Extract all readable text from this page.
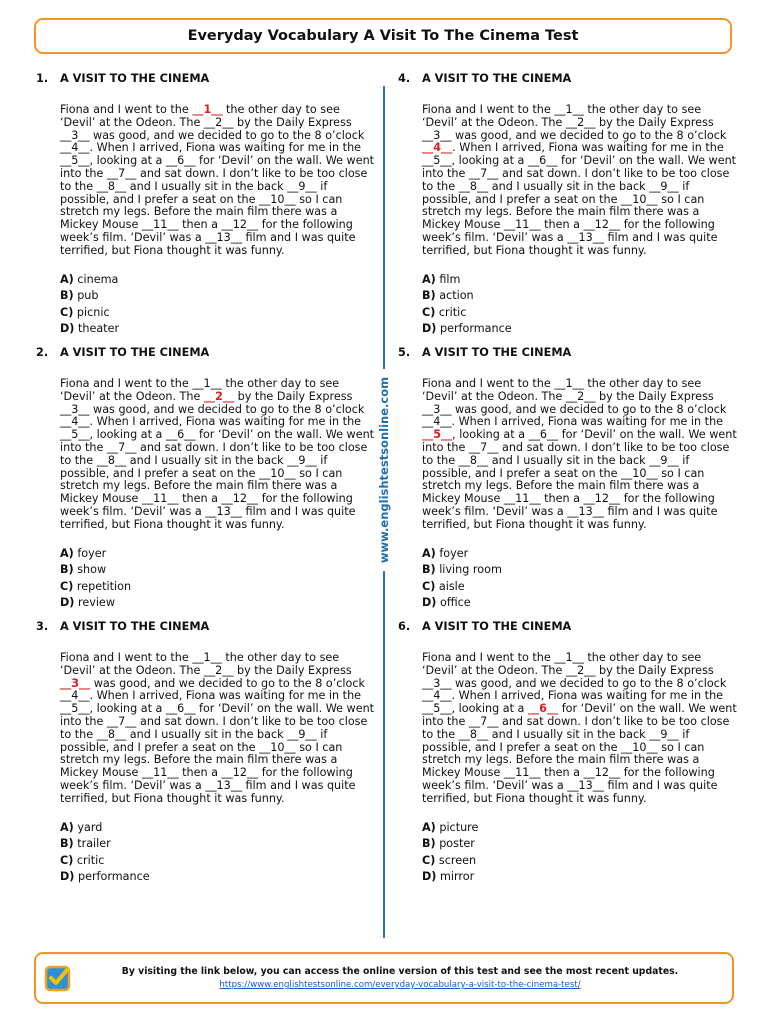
Everyday Vocabulary A Visit To The Cinema Test
1. A VISIT TO THE CINEMA
Fiona and I went to the __1__ the other day to see ‘Devil’ at the Odeon. The __2__ by the Daily Express __3__ was good, and we decided to go to the 8 o’clock __4__. When I arrived, Fiona was waiting for me in the __5__, looking at a __6__ for ‘Devil’ on the wall. We went into the __7__ and sat down. I don’t like to be too close to the __8__ and I usually sit in the back __9__ if possible, and I prefer a seat on the __10__ so I can stretch my legs. Before the main film there was a Mickey Mouse __11__ then a __12__ for the following week’s film. ‘Devil’ was a __13__ film and I was quite terrified, but Fiona thought it was funny.
A) cinema
B) pub
C) picnic
D) theater
2. A VISIT TO THE CINEMA
Fiona and I went to the __1__ the other day to see ‘Devil’ at the Odeon. The __2__ by the Daily Express __3__ was good, and we decided to go to the 8 o’clock __4__. When I arrived, Fiona was waiting for me in the __5__, looking at a __6__ for ‘Devil’ on the wall. We went into the __7__ and sat down. I don’t like to be too close to the __8__ and I usually sit in the back __9__ if possible, and I prefer a seat on the __10__ so I can stretch my legs. Before the main film there was a Mickey Mouse __11__ then a __12__ for the following week’s film. ‘Devil’ was a __13__ film and I was quite terrified, but Fiona thought it was funny.
A) foyer
B) show
C) repetition
D) review
3. A VISIT TO THE CINEMA
Fiona and I went to the __1__ the other day to see ‘Devil’ at the Odeon. The __2__ by the Daily Express __3__ was good, and we decided to go to the 8 o’clock __4__. When I arrived, Fiona was waiting for me in the __5__, looking at a __6__ for ‘Devil’ on the wall. We went into the __7__ and sat down. I don’t like to be too close to the __8__ and I usually sit in the back __9__ if possible, and I prefer a seat on the __10__ so I can stretch my legs. Before the main film there was a Mickey Mouse __11__ then a __12__ for the following week’s film. ‘Devil’ was a __13__ film and I was quite terrified, but Fiona thought it was funny.
A) yard
B) trailer
C) critic
D) performance
www.englishtestsonline.com
4. A VISIT TO THE CINEMA
Fiona and I went to the __1__ the other day to see ‘Devil’ at the Odeon. The __2__ by the Daily Express __3__ was good, and we decided to go to the 8 o’clock __4__. When I arrived, Fiona was waiting for me in the __5__, looking at a __6__ for ‘Devil’ on the wall. We went into the __7__ and sat down. I don’t like to be too close to the __8__ and I usually sit in the back __9__ if possible, and I prefer a seat on the __10__ so I can stretch my legs. Before the main film there was a Mickey Mouse __11__ then a __12__ for the following week’s film. ‘Devil’ was a __13__ film and I was quite terrified, but Fiona thought it was funny.
A) film
B) action
C) critic
D) performance
5. A VISIT TO THE CINEMA
Fiona and I went to the __1__ the other day to see ‘Devil’ at the Odeon. The __2__ by the Daily Express __3__ was good, and we decided to go to the 8 o’clock __4__. When I arrived, Fiona was waiting for me in the __5__, looking at a __6__ for ‘Devil’ on the wall. We went into the __7__ and sat down. I don’t like to be too close to the __8__ and I usually sit in the back __9__ if possible, and I prefer a seat on the __10__ so I can stretch my legs. Before the main film there was a Mickey Mouse __11__ then a __12__ for the following week’s film. ‘Devil’ was a __13__ film and I was quite terrified, but Fiona thought it was funny.
A) foyer
B) living room
C) aisle
D) office
6. A VISIT TO THE CINEMA
Fiona and I went to the __1__ the other day to see ‘Devil’ at the Odeon. The __2__ by the Daily Express __3__ was good, and we decided to go to the 8 o’clock __4__. When I arrived, Fiona was waiting for me in the __5__, looking at a __6__ for ‘Devil’ on the wall. We went into the __7__ and sat down. I don’t like to be too close to the __8__ and I usually sit in the back __9__ if possible, and I prefer a seat on the __10__ so I can stretch my legs. Before the main film there was a Mickey Mouse __11__ then a __12__ for the following week’s film. ‘Devil’ was a __13__ film and I was quite terrified, but Fiona thought it was funny.
A) picture
B) poster
C) screen
D) mirror
By visiting the link below, you can access the online version of this test and see the most recent updates.
https://www.englishtestsonline.com/everyday-vocabulary-a-visit-to-the-cinema-test/
